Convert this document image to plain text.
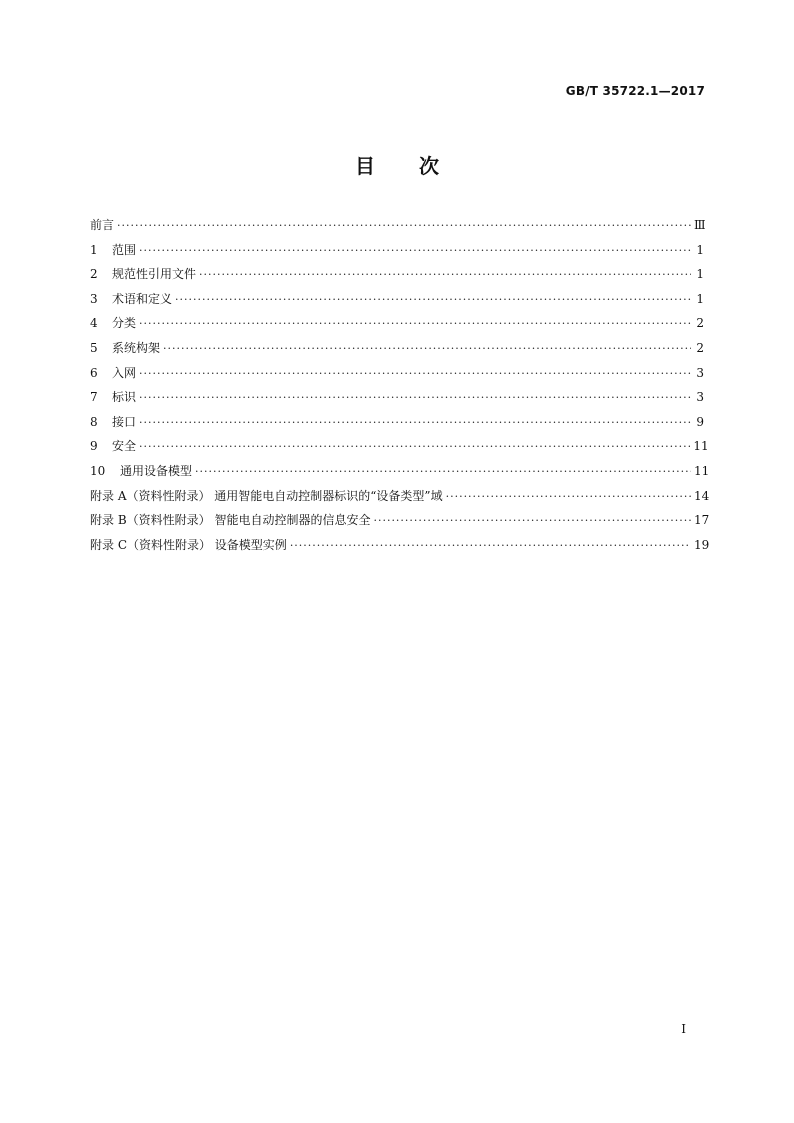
GB/T 35722.1—2017
目 次
前言 ·····	Ⅲ
1	范围 ·····	1
2	规范性引用文件 ·····	1
3	术语和定义 ·····	1
4	分类 ·····	2
5	系统构架 ·····	2
6	入网 ·····	3
7	标识 ·····	3
8	接口 ·····	9
9	安全 ·····	11
10	通用设备模型 ·····	11
附录 A（资料性附录） 通用智能电自动控制器标识的“设备类型”域 ·····	14
附录 B（资料性附录） 智能电自动控制器的信息安全 ·····	17
附录 C（资料性附录） 设备模型实例 ·····	19
I
